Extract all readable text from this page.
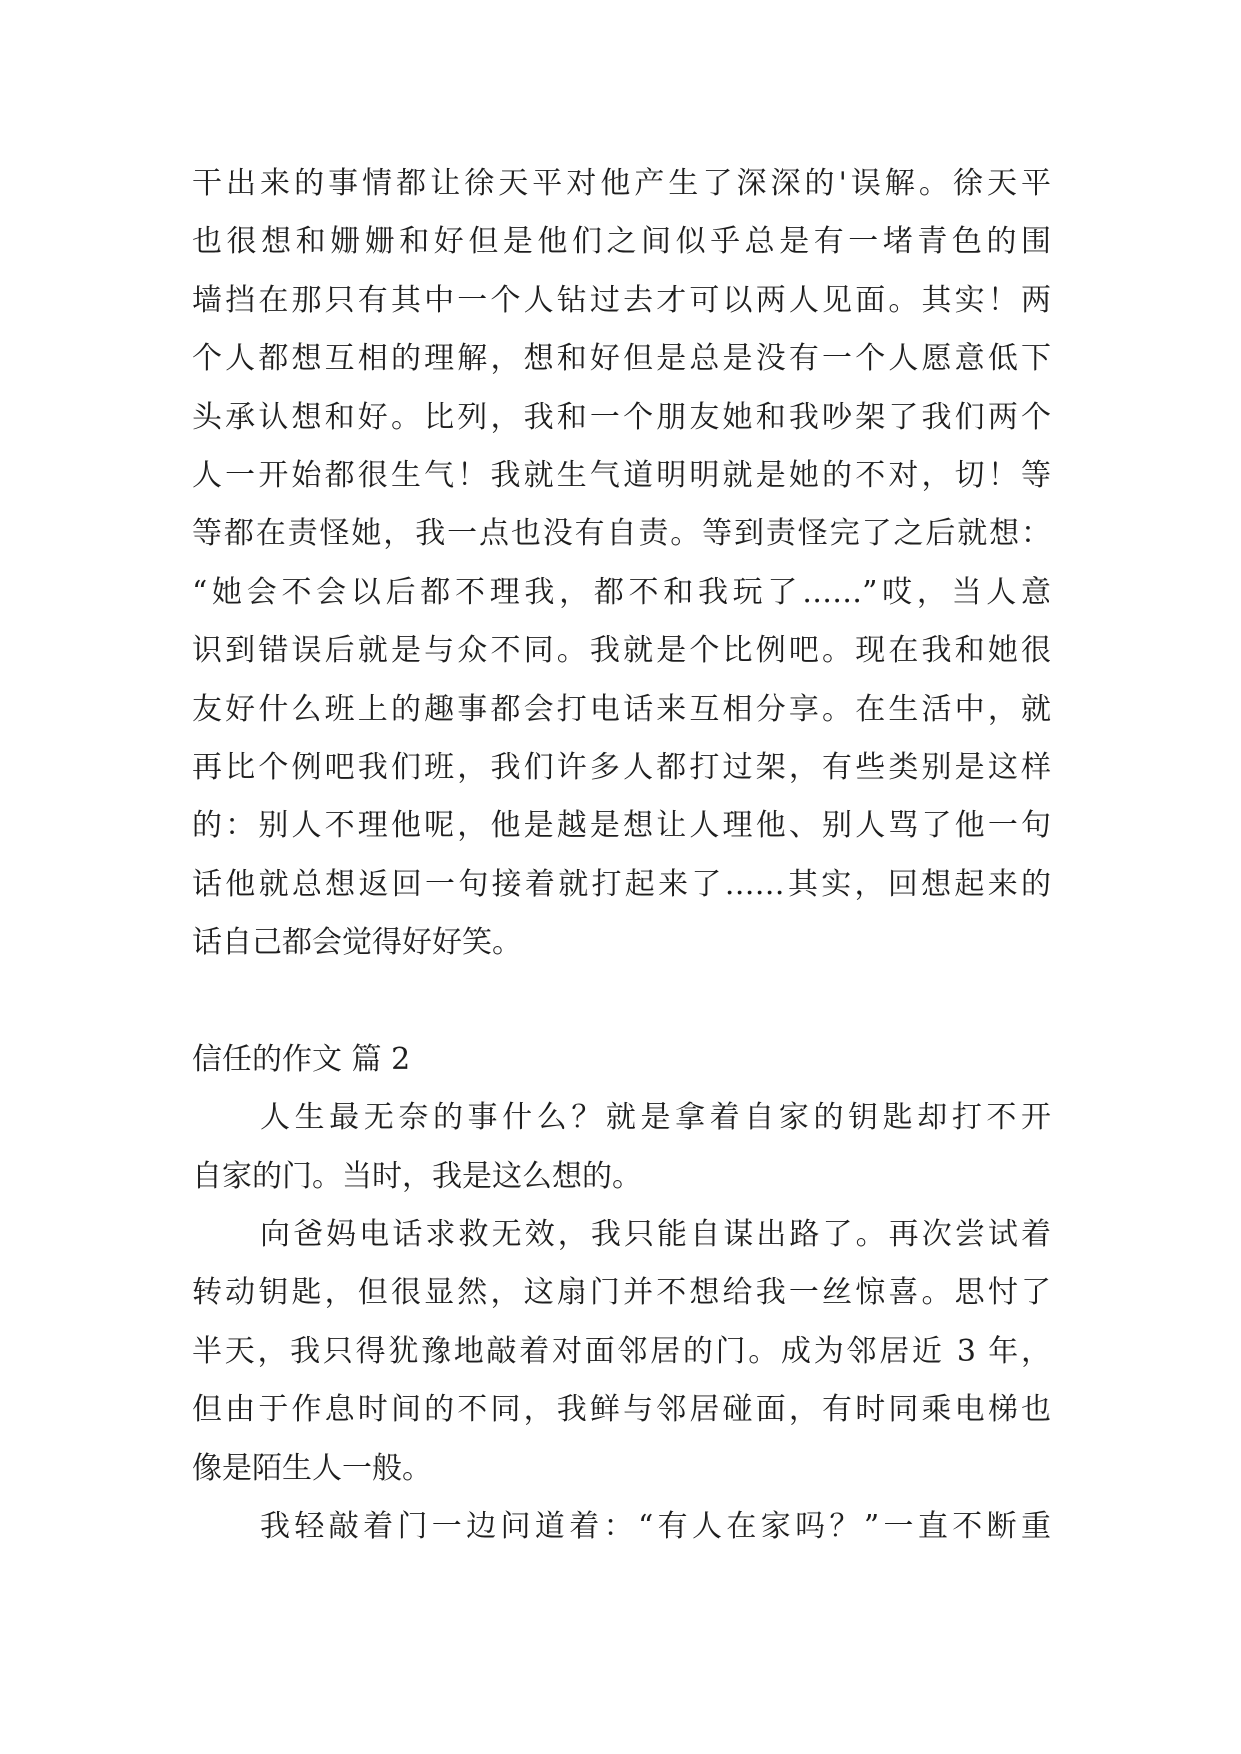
干出来的事情都让徐天平对他产生了深深的'误解。徐天平
也很想和姗姗和好但是他们之间似乎总是有一堵青色的围
墙挡在那只有其中一个人钻过去才可以两人见面。其实！两
个人都想互相的理解，想和好但是总是没有一个人愿意低下
头承认想和好。比列，我和一个朋友她和我吵架了我们两个
人一开始都很生气！我就生气道明明就是她的不对，切！等
等都在责怪她，我一点也没有自责。等到责怪完了之后就想：
“她会不会以后都不理我，都不和我玩了……”哎，当人意
识到错误后就是与众不同。我就是个比例吧。现在我和她很
友好什么班上的趣事都会打电话来互相分享。在生活中，就
再比个例吧我们班，我们许多人都打过架，有些类别是这样
的：别人不理他呢，他是越是想让人理他、别人骂了他一句
话他就总想返回一句接着就打起来了……其实，回想起来的
话自己都会觉得好好笑。
信任的作文 篇 2
人生最无奈的事什么？就是拿着自家的钥匙却打不开
自家的门。当时，我是这么想的。
向爸妈电话求救无效，我只能自谋出路了。再次尝试着
转动钥匙，但很显然，这扇门并不想给我一丝惊喜。思忖了
半天，我只得犹豫地敲着对面邻居的门。成为邻居近 3 年，
但由于作息时间的不同，我鲜与邻居碰面，有时同乘电梯也
像是陌生人一般。
我轻敲着门一边问道着：“有人在家吗？”一直不断重
